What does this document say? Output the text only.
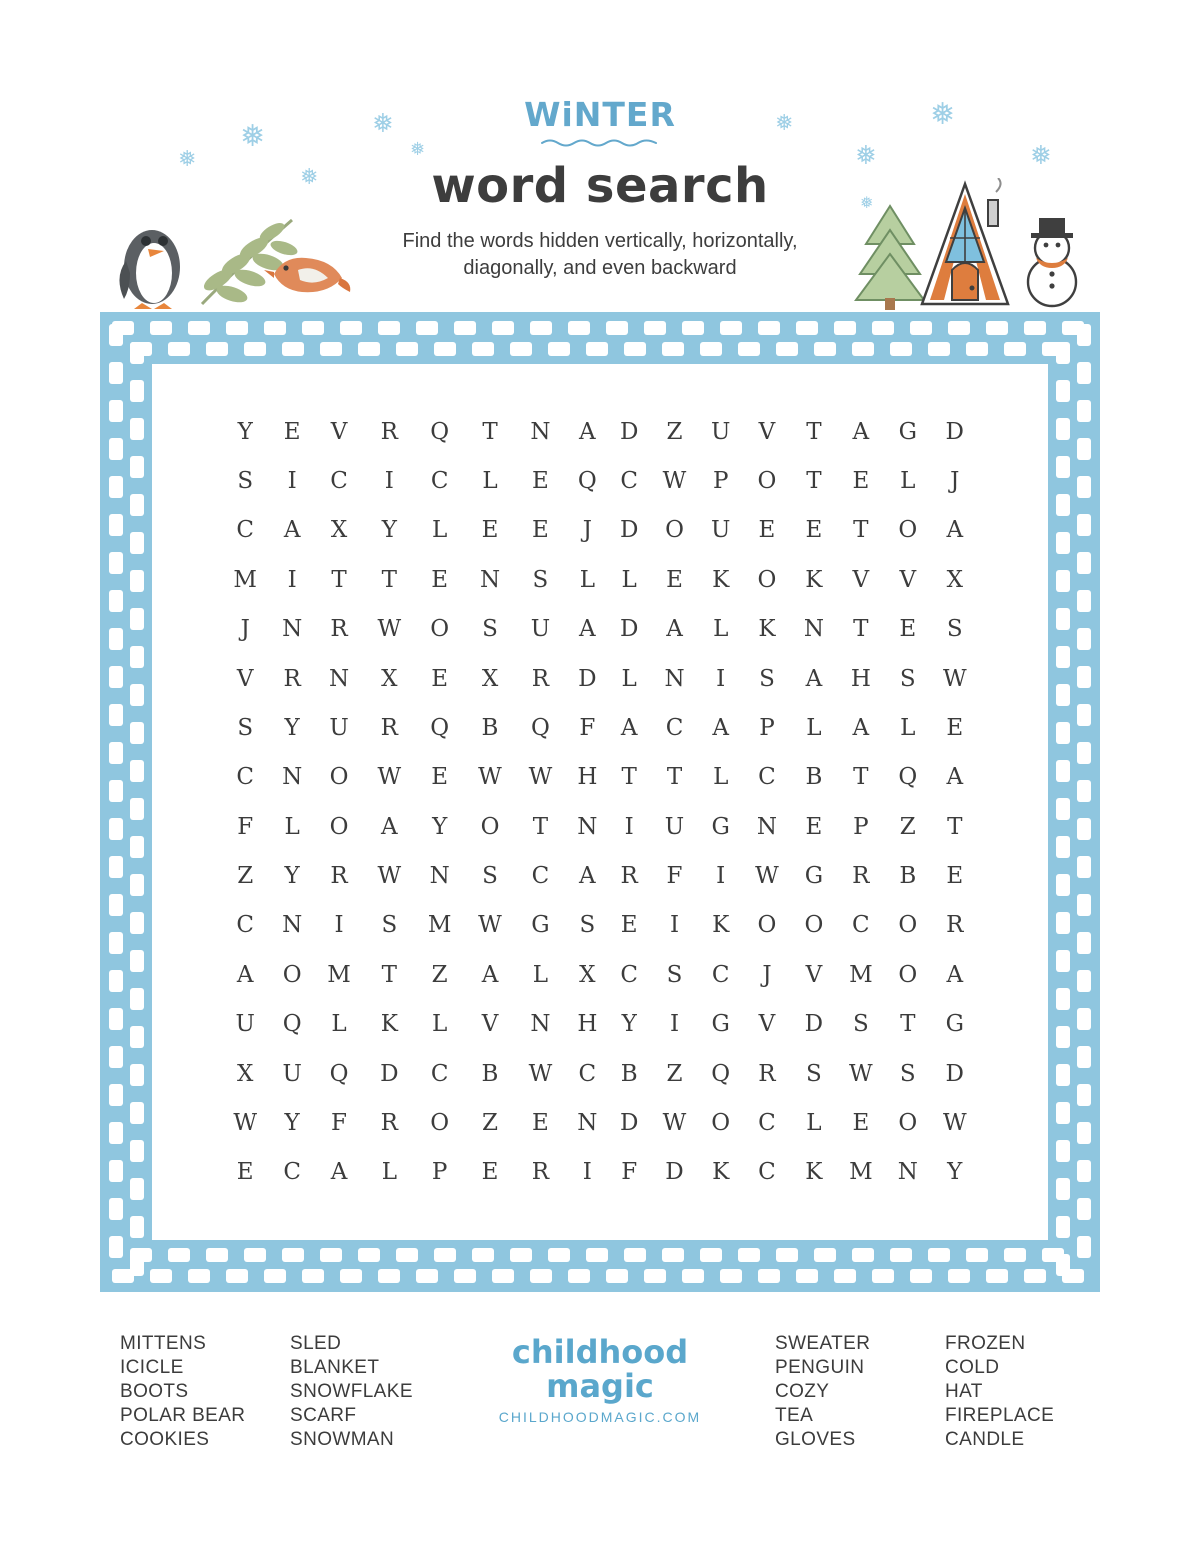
❅
❅
❅
❅
❅
❅
❅
❅
❅
❅
WiNTER
word search
Find the words hidden vertically, horizontally,
diagonally, and even backward
Y	E	V	R	Q	T	N	A	D	Z	U	V	T	A	G	D
S	I	C	I	C	L	E	Q	C	W	P	O	T	E	L	J
C	A	X	Y	L	E	E	J	D	O	U	E	E	T	O	A
M	I	T	T	E	N	S	L	L	E	K	O	K	V	V	X
J	N	R	W	O	S	U	A	D	A	L	K	N	T	E	S
V	R	N	X	E	X	R	D	L	N	I	S	A	H	S	W
S	Y	U	R	Q	B	Q	F	A	C	A	P	L	A	L	E
C	N	O	W	E	W	W	H	T	T	L	C	B	T	Q	A
F	L	O	A	Y	O	T	N	I	U	G	N	E	P	Z	T
Z	Y	R	W	N	S	C	A	R	F	I	W	G	R	B	E
C	N	I	S	M	W	G	S	E	I	K	O	O	C	O	R
A	O	M	T	Z	A	L	X	C	S	C	J	V	M	O	A
U	Q	L	K	L	V	N	H	Y	I	G	V	D	S	T	G
X	U	Q	D	C	B	W	C	B	Z	Q	R	S	W	S	D
W	Y	F	R	O	Z	E	N	D	W	O	C	L	E	O	W
E	C	A	L	P	E	R	I	F	D	K	C	K	M	N	Y
MITTENS
ICICLE
BOOTS
POLAR BEAR
COOKIES
SLED
BLANKET
SNOWFLAKE
SCARF
SNOWMAN
SWEATER
PENGUIN
COZY
TEA
GLOVES
FROZEN
COLD
HAT
FIREPLACE
CANDLE
childhood
magic
CHILDHOODMAGIC.COM
